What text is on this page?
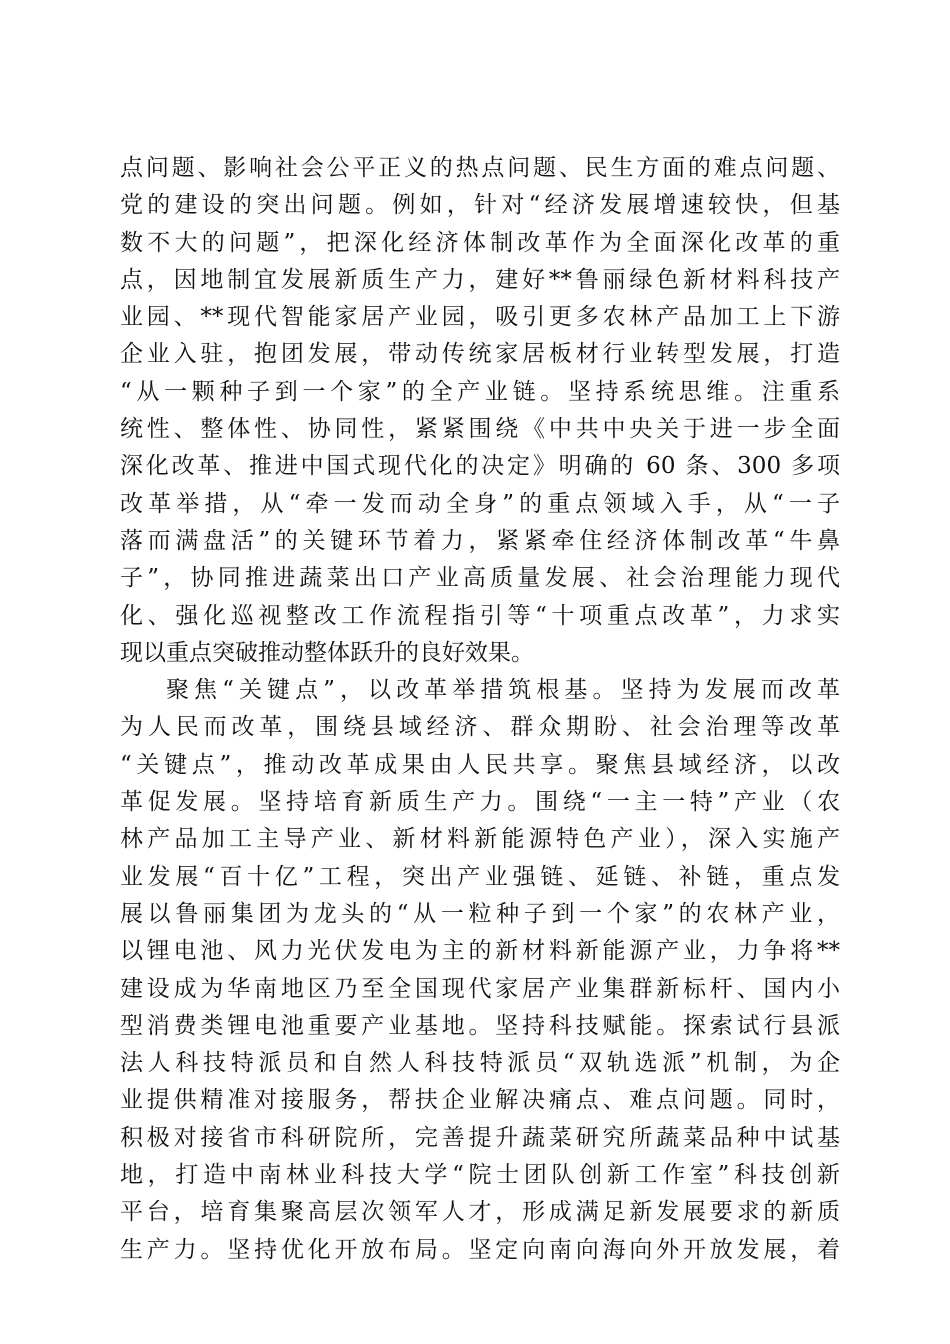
点问题、影响社会公平正义的热点问题、民生方面的难点问题、
党的建设的突出问题。例如，针对“经济发展增速较快，但基
数不大的问题”，把深化经济体制改革作为全面深化改革的重
点，因地制宜发展新质生产力，建好**鲁丽绿色新材料科技产
业园、**现代智能家居产业园，吸引更多农林产品加工上下游
企业入驻，抱团发展，带动传统家居板材行业转型发展，打造
“从一颗种子到一个家”的全产业链。坚持系统思维。注重系
统性、整体性、协同性，紧紧围绕《中共中央关于进一步全面
深化改革、推进中国式现代化的决定》明确的 60 条、300 多项
改革举措，从“牵一发而动全身”的重点领域入手，从“一子
落而满盘活”的关键环节着力，紧紧牵住经济体制改革“牛鼻
子”，协同推进蔬菜出口产业高质量发展、社会治理能力现代
化、强化巡视整改工作流程指引等“十项重点改革”，力求实
现以重点突破推动整体跃升的良好效果。
聚焦“关键点”，以改革举措筑根基。坚持为发展而改革
为人民而改革，围绕县域经济、群众期盼、社会治理等改革
“关键点”，推动改革成果由人民共享。聚焦县域经济，以改
革促发展。坚持培育新质生产力。围绕“一主一特”产业（农
林产品加工主导产业、新材料新能源特色产业），深入实施产
业发展“百十亿”工程，突出产业强链、延链、补链，重点发
展以鲁丽集团为龙头的“从一粒种子到一个家”的农林产业，
以锂电池、风力光伏发电为主的新材料新能源产业，力争将**
建设成为华南地区乃至全国现代家居产业集群新标杆、国内小
型消费类锂电池重要产业基地。坚持科技赋能。探索试行县派
法人科技特派员和自然人科技特派员“双轨选派”机制，为企
业提供精准对接服务，帮扶企业解决痛点、难点问题。同时，
积极对接省市科研院所，完善提升蔬菜研究所蔬菜品种中试基
地，打造中南林业科技大学“院士团队创新工作室”科技创新
平台，培育集聚高层次领军人才，形成满足新发展要求的新质
生产力。坚持优化开放布局。坚定向南向海向外开放发展，着
